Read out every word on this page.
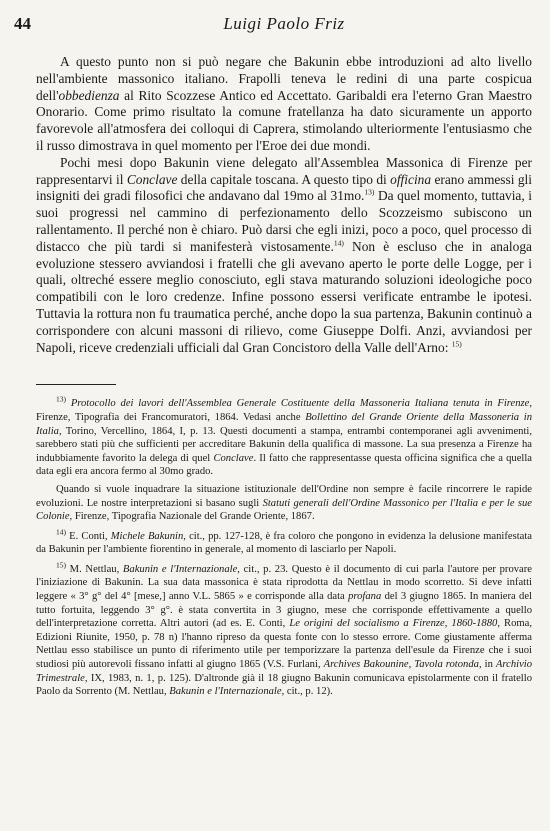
44	Luigi Paolo Friz

A questo punto non si può negare che Bakunin ebbe introduzioni ad alto livello nell'ambiente massonico italiano. Frapolli teneva le redini di una parte cospicua dell'obbedienza al Rito Scozzese Antico ed Accettato. Garibaldi era l'eterno Gran Maestro Onorario. Come primo risultato la comune fratellanza ha dato sicuramente un apporto favorevole all'atmosfera dei colloqui di Caprera, stimolando ulteriormente l'entusiasmo che il russo dimostrava in quel momento per l'Eroe dei due mondi.

Pochi mesi dopo Bakunin viene delegato all'Assemblea Massonica di Firenze per rappresentarvi il Conclave della capitale toscana. A questo tipo di officina erano ammessi gli insigniti dei gradi filosofici che andavano dal 19mo al 31mo.$^{13)}$ Da quel momento, tuttavia, i suoi progressi nel cammino di perfezionamento dello Scozzeismo subiscono un rallentamento. Il perché non è chiaro. Può darsi che egli inizi, poco a poco, quel processo di distacco che più tardi si manifesterà vistosamente.$^{14)}$ Non è escluso che in analoga evoluzione stessero avviandosi i fratelli che gli avevano aperto le porte delle Logge, per i quali, oltreché essere meglio conosciuto, egli stava maturando soluzioni ideologiche poco compatibili con le loro credenze. Infine possono essersi verificate entrambe le ipotesi. Tuttavia la rottura non fu traumatica perché, anche dopo la sua partenza, Bakunin continuò a corrispondere con alcuni massoni di rilievo, come Giuseppe Dolfi. Anzi, avviandosi per Napoli, riceve credenziali ufficiali dal Gran Concistoro della Valle dell'Arno: $^{15)}$

$^{13)}$ Protocollo dei lavori dell'Assemblea Generale Costituente della Massoneria Italiana tenuta in Firenze, Firenze, Tipografia dei Francomuratori, 1864. Vedasi anche Bollettino del Grande Oriente della Massoneria in Italia, Torino, Vercellino, 1864, I, p. 13. Questi documenti a stampa, entrambi contemporanei agli avvenimenti, sarebbero stati più che sufficienti per accreditare Bakunin della qualifica di massone. La sua presenza a Firenze ha indubbiamente favorito la delega di quel Conclave. Il fatto che rappresentasse questa officina significa che a quella data egli era ancora fermo al 30mo grado.

Quando si vuole inquadrare la situazione istituzionale dell'Ordine non sempre è facile rincorrere le rapide evoluzioni. Le nostre interpretazioni si basano sugli Statuti generali dell'Ordine Massonico per l'Italia e per le sue Colonie, Firenze, Tipografia Nazionale del Grande Oriente, 1867.

$^{14)}$ E. Conti, Michele Bakunin, cit., pp. 127-128, è fra coloro che pongono in evidenza la delusione manifestata da Bakunin per l'ambiente fiorentino in generale, al momento di lasciarlo per Napoli.

$^{15)}$ M. Nettlau, Bakunin e l'Internazionale, cit., p. 23. Questo è il documento di cui parla l'autore per provare l'iniziazione di Bakunin. La sua data massonica è stata riprodotta da Nettlau in modo scorretto. Si deve infatti leggere « 3° g° del 4° [mese,] anno V.L. 5865 » e corrisponde alla data profana del 3 giugno 1865. In maniera del tutto fortuita, leggendo 3° g°. è stata convertita in 3 giugno, mese che corrisponde effettivamente a quello dell'interpretazione corretta. Altri autori (ad es. E. Conti, Le origini del socialismo a Firenze, 1860-1880, Roma, Edizioni Riunite, 1950, p. 78 n) l'hanno ripreso da questa fonte con lo stesso errore. Come giustamente afferma Nettlau esso stabilisce un punto di riferimento utile per temporizzare la partenza dell'esule da Firenze che i suoi studiosi più autorevoli fissano infatti al giugno 1865 (V.S. Furlani, Archives Bakounine, Tavola rotonda, in Archivio Trimestrale, IX, 1983, n. 1, p. 125). D'altronde già il 18 giugno Bakunin comunicava epistolarmente con il fratello Paolo da Sorrento (M. Nettlau, Bakunin e l'Internazionale, cit., p. 12).
